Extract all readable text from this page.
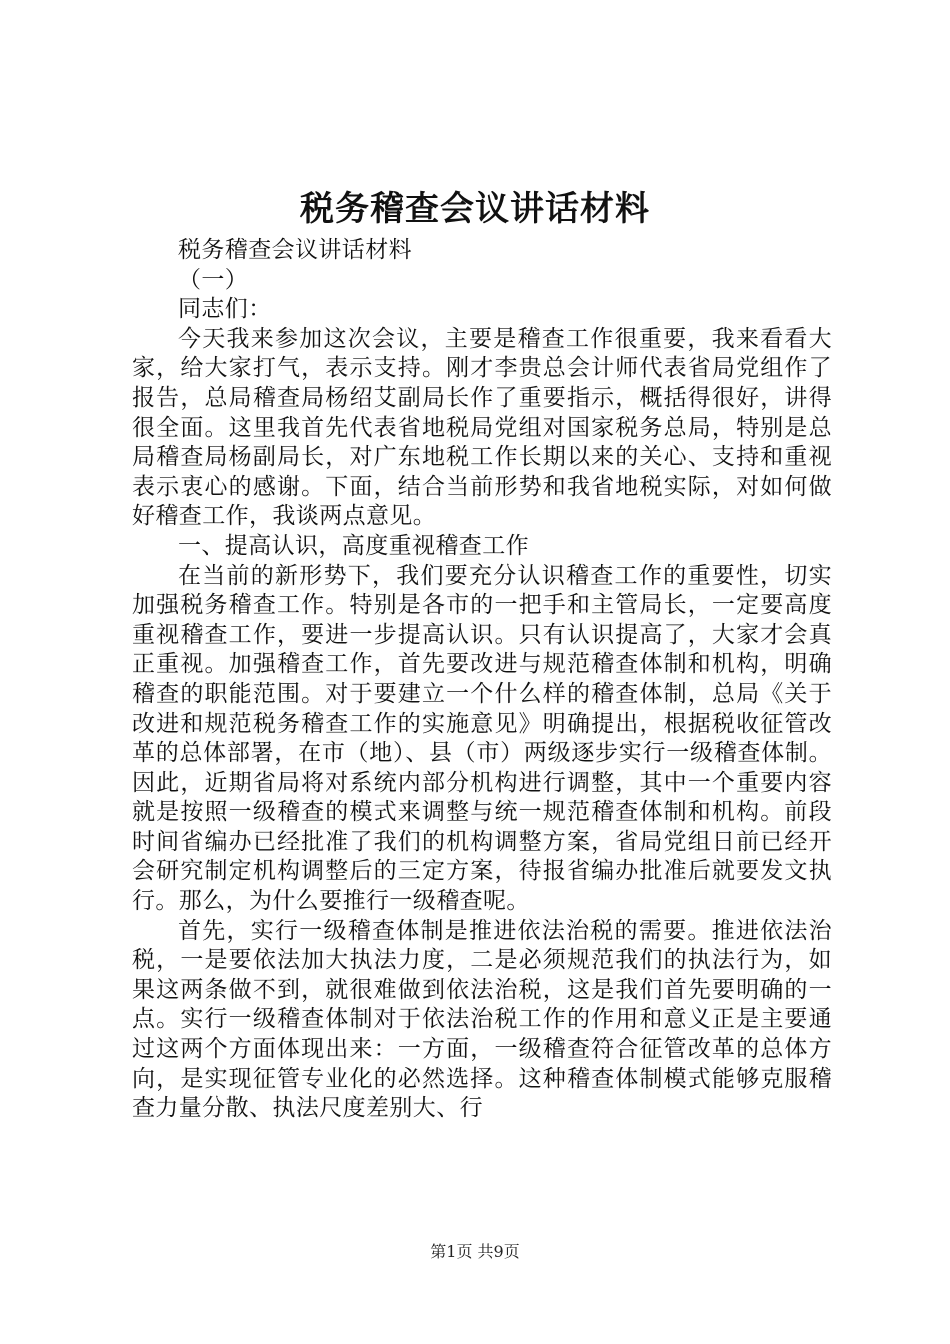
税务稽查会议讲话材料

税务稽查会议讲话材料

（一）

同志们：

今天我来参加这次会议，主要是稽查工作很重要，我来看看大家，给大家打气，表示支持。刚才李贵总会计师代表省局党组作了报告，总局稽查局杨绍艾副局长作了重要指示，概括得很好，讲得很全面。这里我首先代表省地税局党组对国家税务总局，特别是总局稽查局杨副局长，对广东地税工作长期以来的关心、支持和重视表示衷心的感谢。下面，结合当前形势和我省地税实际，对如何做好稽查工作，我谈两点意见。

一、提高认识，高度重视稽查工作

在当前的新形势下，我们要充分认识稽查工作的重要性，切实加强税务稽查工作。特别是各市的一把手和主管局长，一定要高度重视稽查工作，要进一步提高认识。只有认识提高了，大家才会真正重视。加强稽查工作，首先要改进与规范稽查体制和机构，明确稽查的职能范围。对于要建立一个什么样的稽查体制，总局《关于改进和规范税务稽查工作的实施意见》明确提出，根据税收征管改革的总体部署，在市（地）、县（市）两级逐步实行一级稽查体制。因此，近期省局将对系统内部分机构进行调整，其中一个重要内容就是按照一级稽查的模式来调整与统一规范稽查体制和机构。前段时间省编办已经批准了我们的机构调整方案，省局党组日前已经开会研究制定机构调整后的三定方案，待报省编办批准后就要发文执行。那么，为什么要推行一级稽查呢。

首先，实行一级稽查体制是推进依法治税的需要。推进依法治税，一是要依法加大执法力度，二是必须规范我们的执法行为，如果这两条做不到，就很难做到依法治税，这是我们首先要明确的一点。实行一级稽查体制对于依法治税工作的作用和意义正是主要通过这两个方面体现出来：一方面，一级稽查符合征管改革的总体方向，是实现征管专业化的必然选择。这种稽查体制模式能够克服稽查力量分散、执法尺度差别大、行

第1页 共9页
